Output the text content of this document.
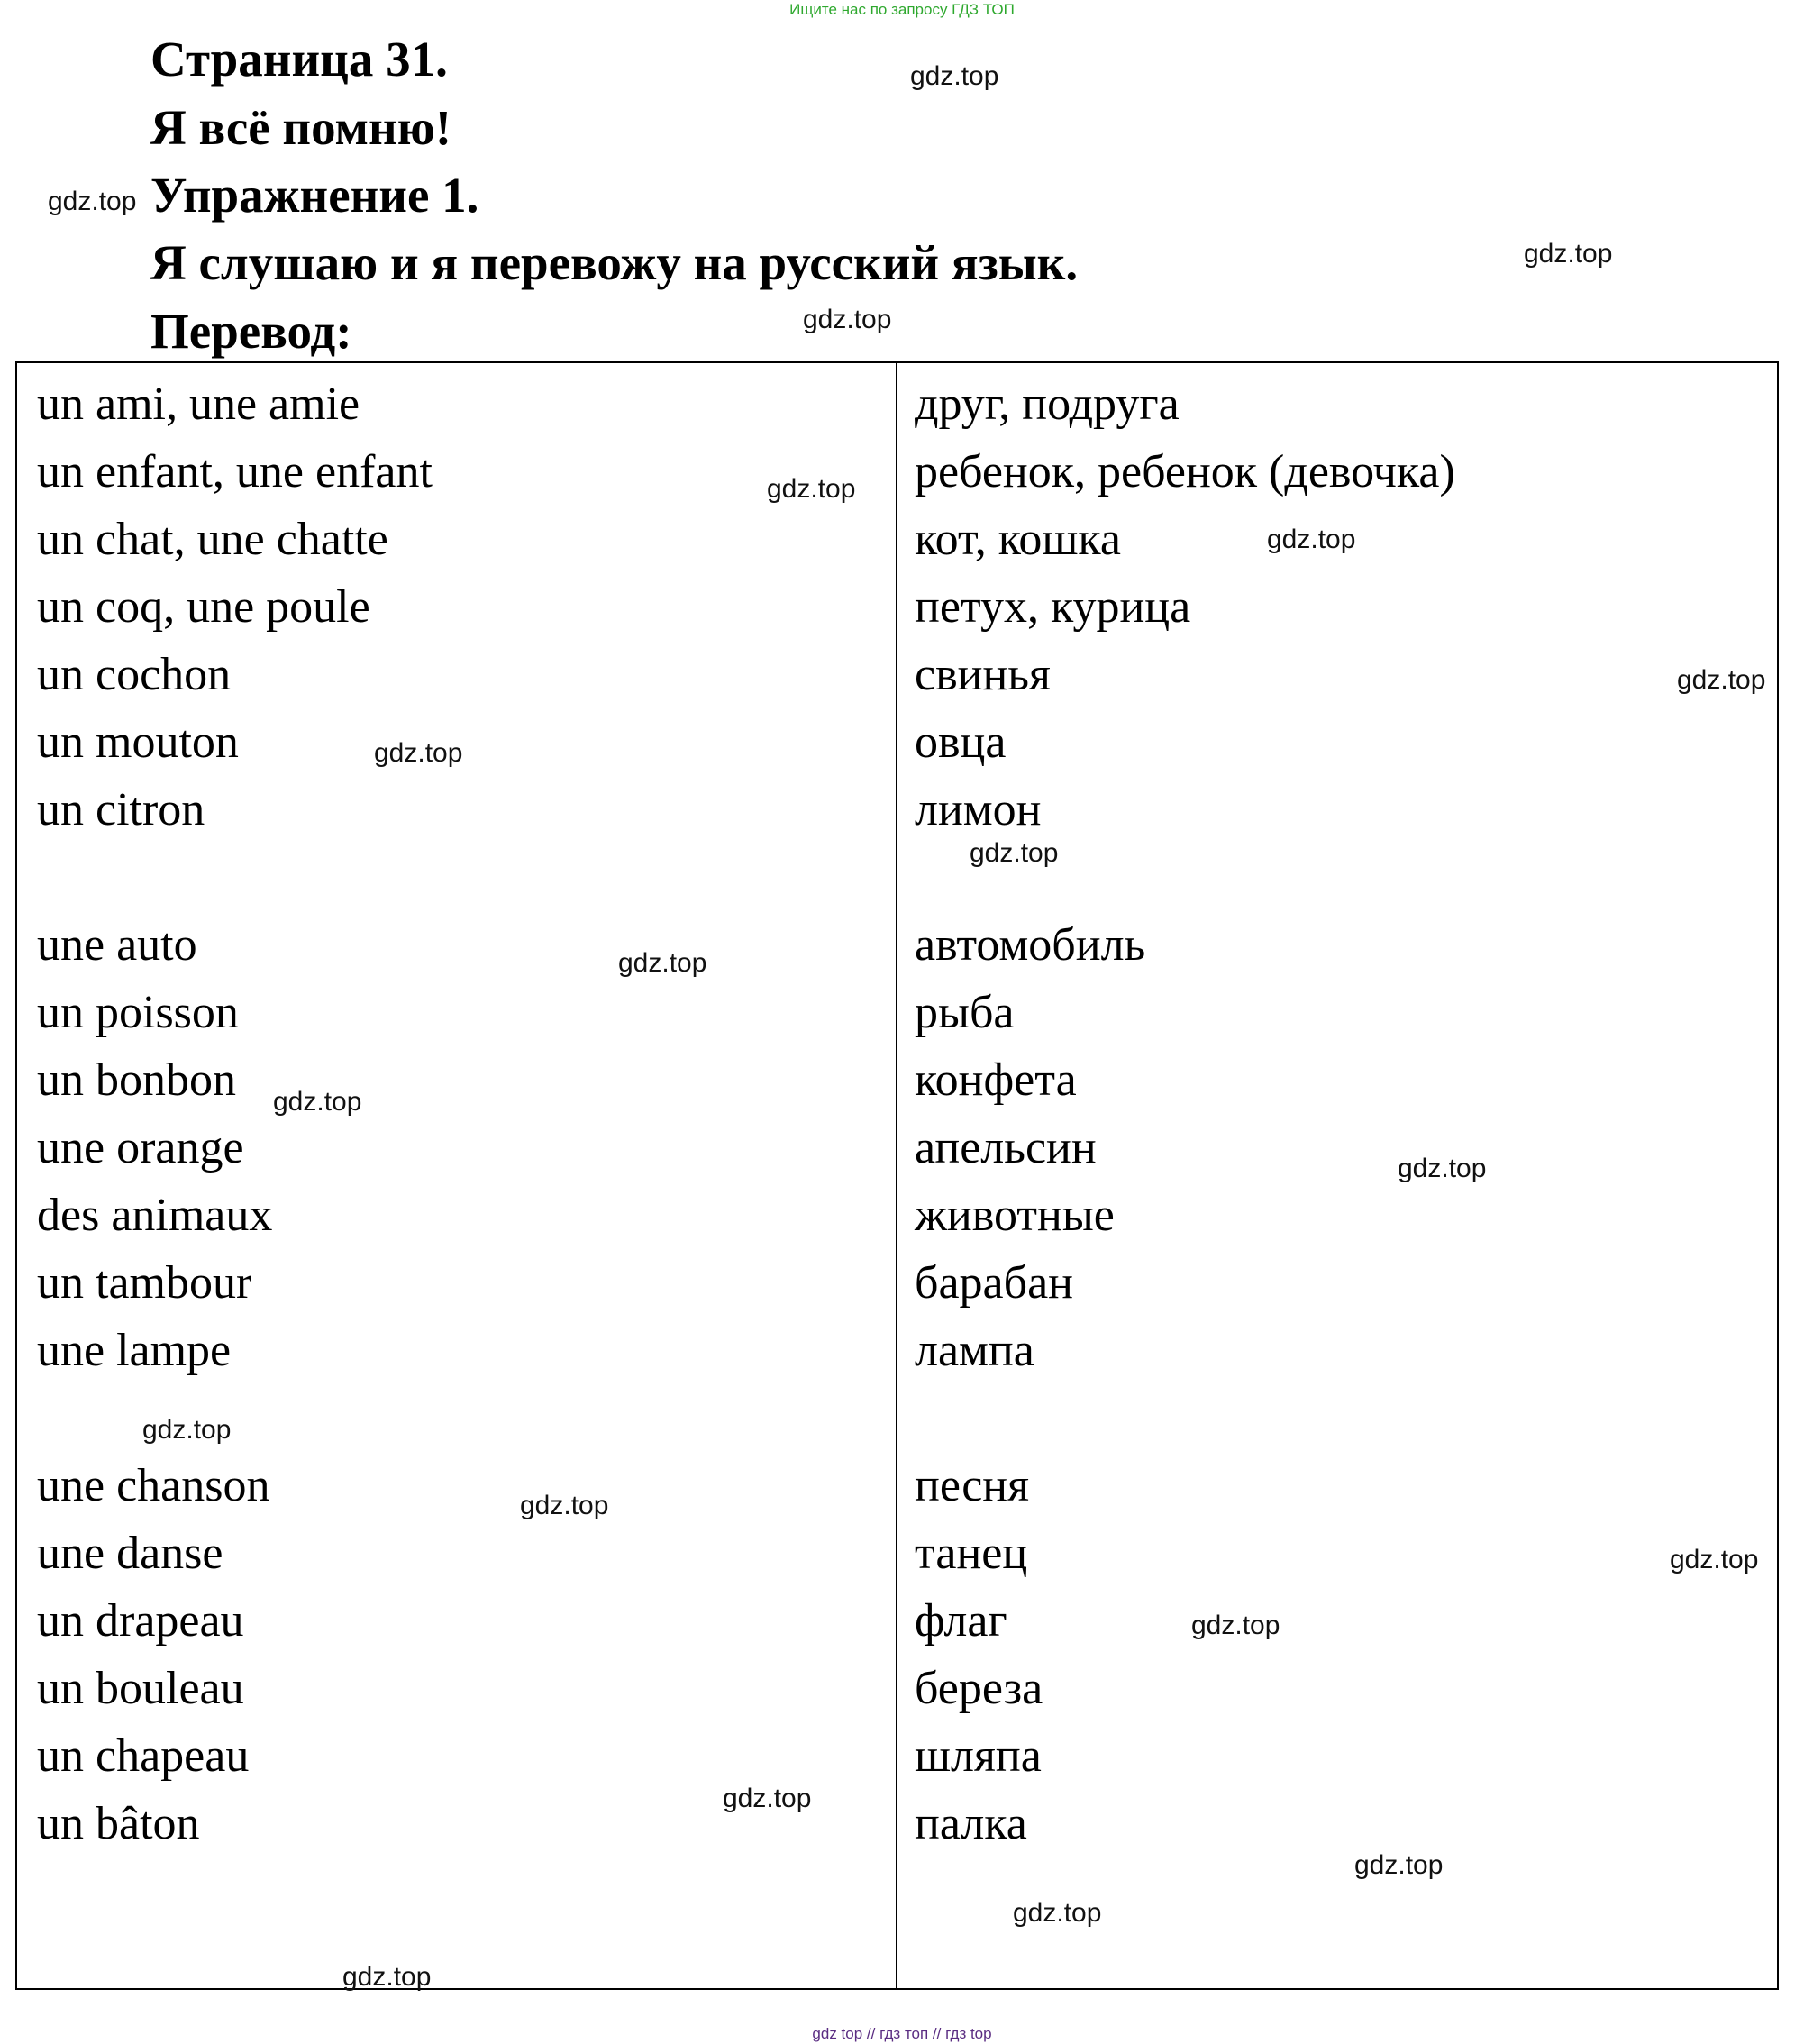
Ищите нас по запросу ГДЗ ТОП
Страница 31.
Я всё помню!
Упражнение 1.
Я слушаю и я перевожу на русский язык.
Перевод:
un ami, une amie
un enfant, une enfant
un chat, une chatte
un coq, une poule
un cochon
un mouton
un citron
une auto
un poisson
un bonbon
une orange
des animaux
un tambour
une lampe
une chanson
une danse
un drapeau
un bouleau
un chapeau
un bâton
друг, подруга
ребенок, ребенок (девочка)
кот, кошка
петух, курица
свинья
овца
лимон
автомобиль
рыба
конфета
апельсин
животные
барабан
лампа
песня
танец
флаг
береза
шляпа
палка
gdz.top
gdz.top
gdz.top
gdz.top
gdz.top
gdz.top
gdz.top
gdz.top
gdz.top
gdz.top
gdz.top
gdz.top
gdz.top
gdz.top
gdz.top
gdz.top
gdz.top
gdz.top
gdz.top
gdz.top
gdz top // гдз топ // гдз top
